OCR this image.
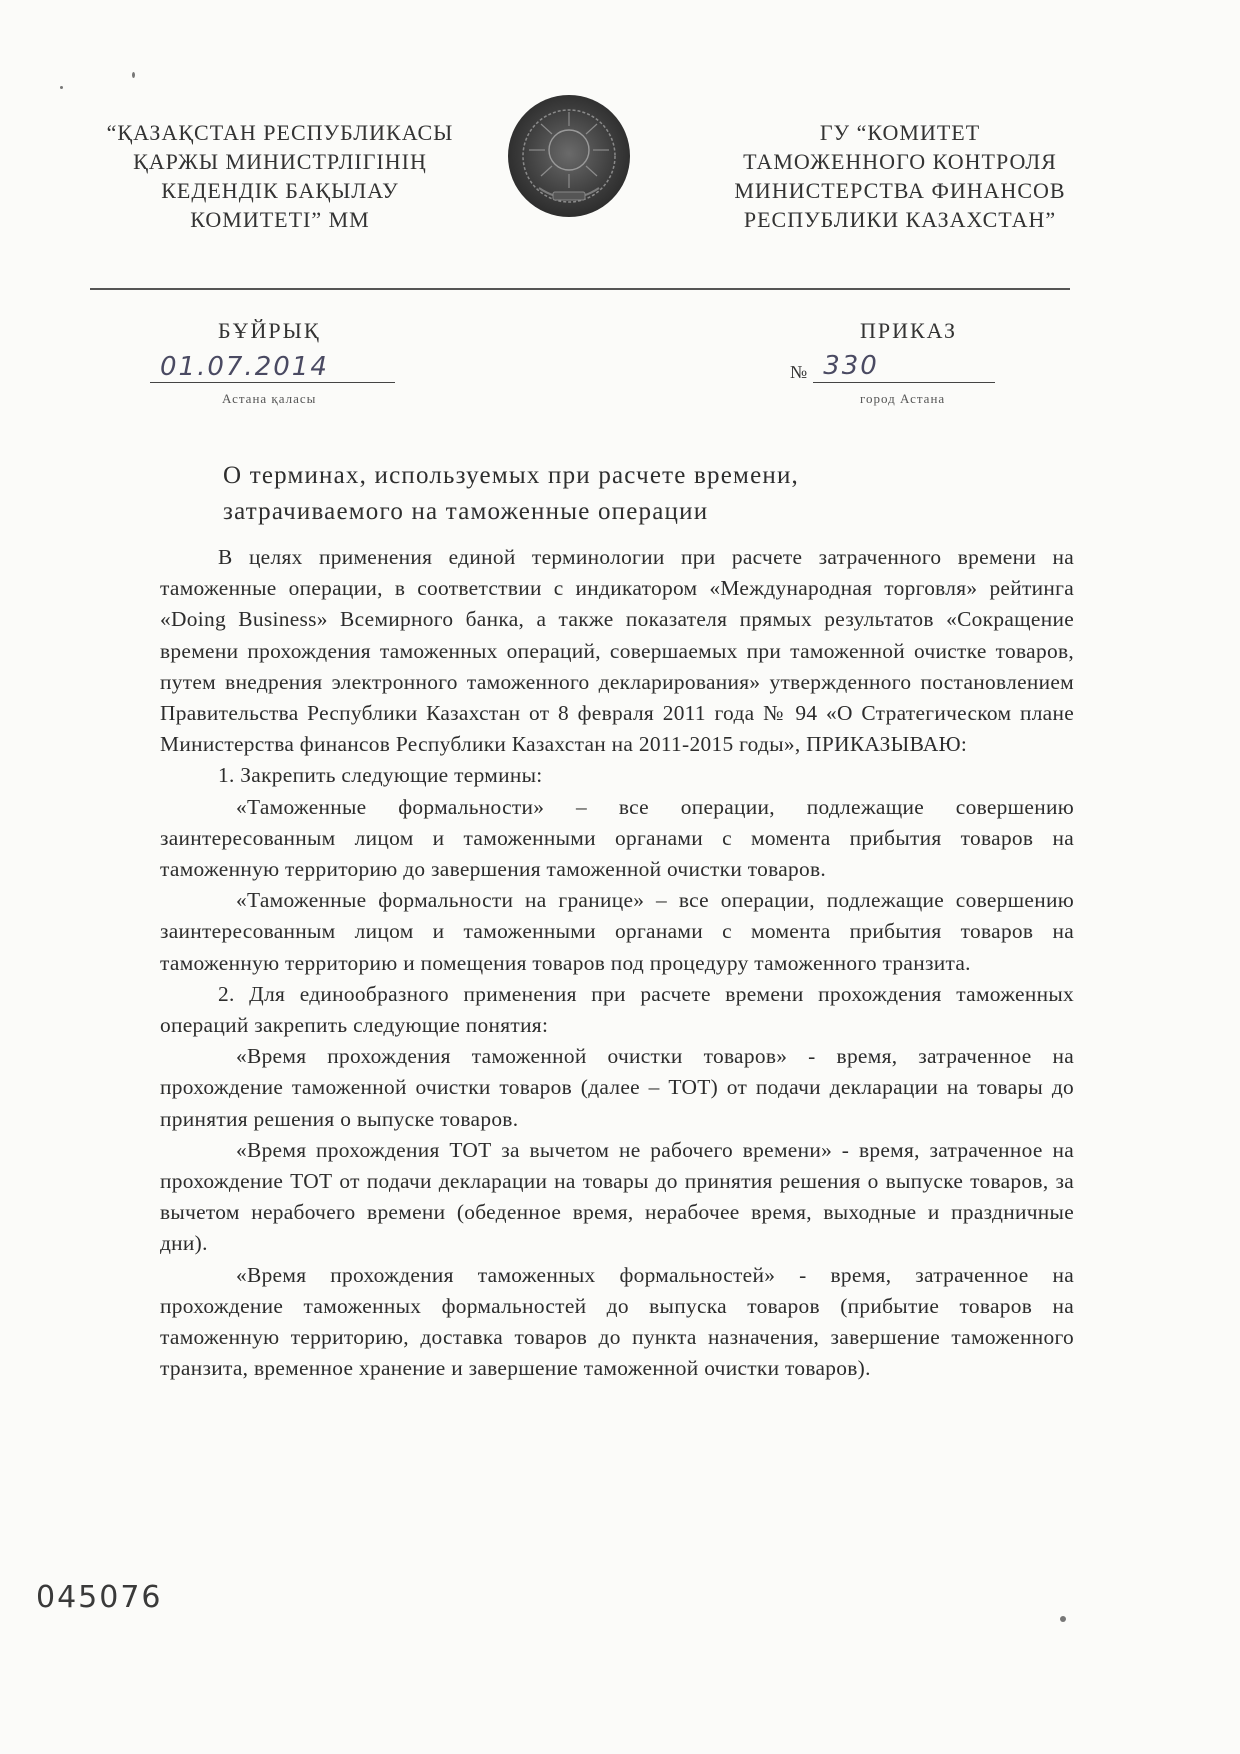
“ҚАЗАҚСТАН РЕСПУБЛИКАСЫ
ҚАРЖЫ МИНИСТРЛІГІНІҢ
КЕДЕНДІК БАҚЫЛАУ
КОМИТЕТІ” ММ
ГУ “КОМИТЕТ
ТАМОЖЕННОГО КОНТРОЛЯ
МИНИСТЕРСТВА ФИНАНСОВ
РЕСПУБЛИКИ КАЗАХСТАН”
БҰЙРЫҚ
01.07.2014
Астана қаласы
ПРИКАЗ
№ 330
город Астана
О терминах, используемых при расчете времени,
затрачиваемого на таможенные операции

В целях применения единой терминологии при расчете затраченного времени на таможенные операции, в соответствии с индикатором «Международная торговля» рейтинга «Doing Business» Всемирного банка, а также показателя прямых результатов «Сокращение времени прохождения таможенных операций, совершаемых при таможенной очистке товаров, путем внедрения электронного таможенного декларирования» утвержденного постановлением Правительства Республики Казахстан от 8 февраля 2011 года № 94 «О Стратегическом плане Министерства финансов Республики Казахстан на 2011-2015 годы», ПРИКАЗЫВАЮ:

1. Закрепить следующие термины:

«Таможенные формальности» – все операции, подлежащие совершению заинтересованным лицом и таможенными органами с момента прибытия товаров на таможенную территорию до завершения таможенной очистки товаров.

«Таможенные формальности на границе» – все операции, подлежащие совершению заинтересованным лицом и таможенными органами с момента прибытия товаров на таможенную территорию и помещения товаров под процедуру таможенного транзита.

2. Для единообразного применения при расчете времени прохождения таможенных операций закрепить следующие понятия:

«Время прохождения таможенной очистки товаров» - время, затраченное на прохождение таможенной очистки товаров (далее – ТОТ) от подачи декларации на товары до принятия решения о выпуске товаров.

«Время прохождения ТОТ за вычетом не рабочего времени» - время, затраченное на прохождение ТОТ от подачи декларации на товары до принятия решения о выпуске товаров, за вычетом нерабочего времени (обеденное время, нерабочее время, выходные и праздничные дни).

«Время прохождения таможенных формальностей» - время, затраченное на прохождение таможенных формальностей до выпуска товаров (прибытие товаров на таможенную территорию, доставка товаров до пункта назначения, завершение таможенного транзита, временное хранение и завершение таможенной очистки товаров).

045076
